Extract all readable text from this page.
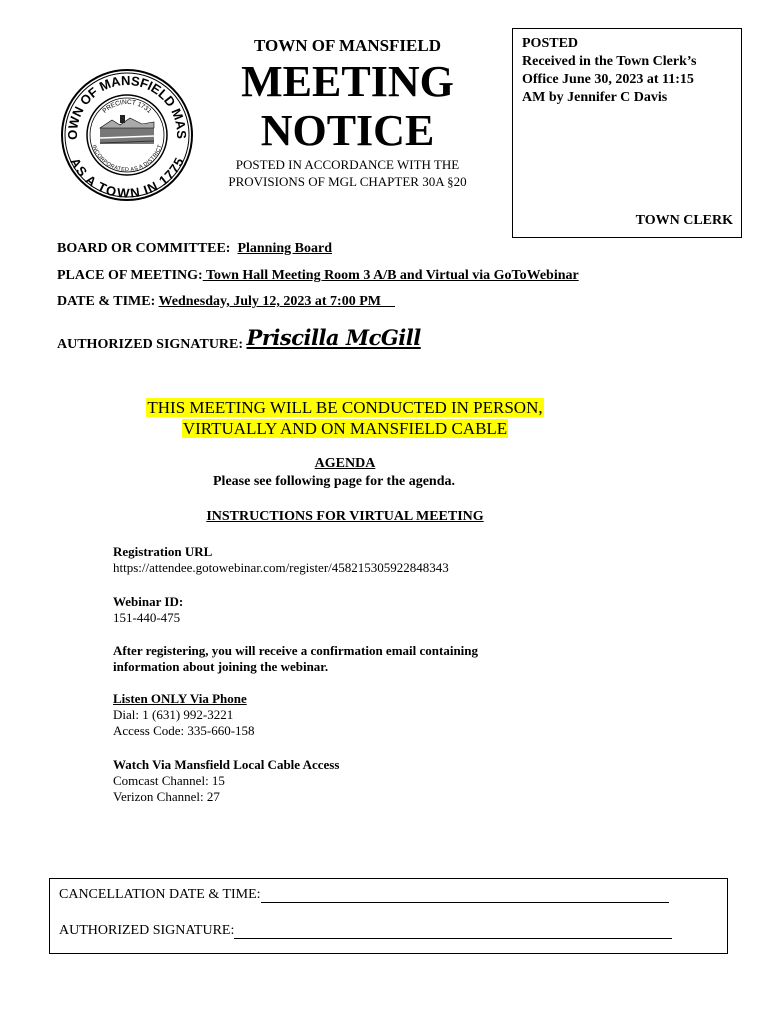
OWN OF MANSFIELD MAS
AS A TOWN IN 1775
PRECINCT 1731
INCORPORATED AS A DISTRICT
TOWN OF MANSFIELD
MEETING
NOTICE
POSTED IN ACCORDANCE WITH THE
PROVISIONS OF MGL CHAPTER 30A §20
POSTED
Received in the Town Clerk’s
Office June 30, 2023 at 11:15
AM by Jennifer C Davis
TOWN CLERK
BOARD OR COMMITTEE: Planning Board
PLACE OF MEETING: Town Hall Meeting Room 3 A/B and Virtual via GoToWebinar
DATE & TIME: Wednesday, July 12, 2023 at 7:00 PM
AUTHORIZED SIGNATURE: Priscilla McGill
THIS MEETING WILL BE CONDUCTED IN PERSON,
VIRTUALLY AND ON MANSFIELD CABLE
AGENDA
Please see following page for the agenda.
INSTRUCTIONS FOR VIRTUAL MEETING
Registration URL
https://attendee.gotowebinar.com/register/458215305922848343
Webinar ID:
151-440-475
After registering, you will receive a confirmation email containing
information about joining the webinar.
Listen ONLY Via Phone
Dial: 1 (631) 992-3221
Access Code: 335-660-158
Watch Via Mansfield Local Cable Access
Comcast Channel: 15
Verizon Channel: 27
CANCELLATION DATE & TIME:
AUTHORIZED SIGNATURE:
